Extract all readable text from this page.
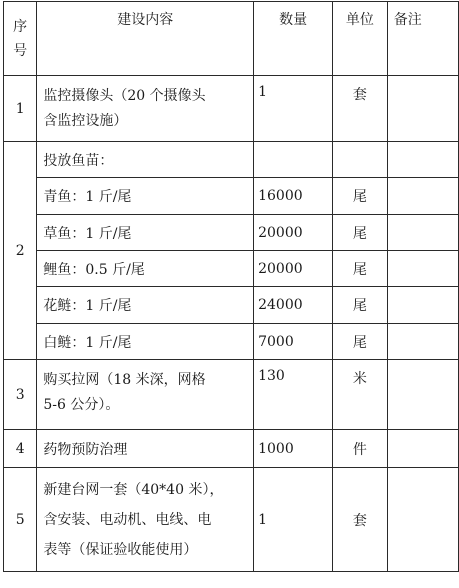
序
号	建设内容	数量	单位	备注
1	监控摄像头（20 个摄像头
含监控设施）	1	套	
2	投放鱼苗：			
	青鱼：1 斤/尾	16000	尾	
	草鱼：1 斤/尾	20000	尾	
	鲤鱼：0.5 斤/尾	20000	尾	
	花鲢：1 斤/尾	24000	尾	
	白鲢：1 斤/尾	7000	尾	
3	购买拉网（18 米深，网格
5-6 公分）。	130	米	
4	药物预防治理	1000	件	
5	新建台网一套（40*40 米），
含安装、电动机、电线、电
表等（保证验收能使用）	1	套	
